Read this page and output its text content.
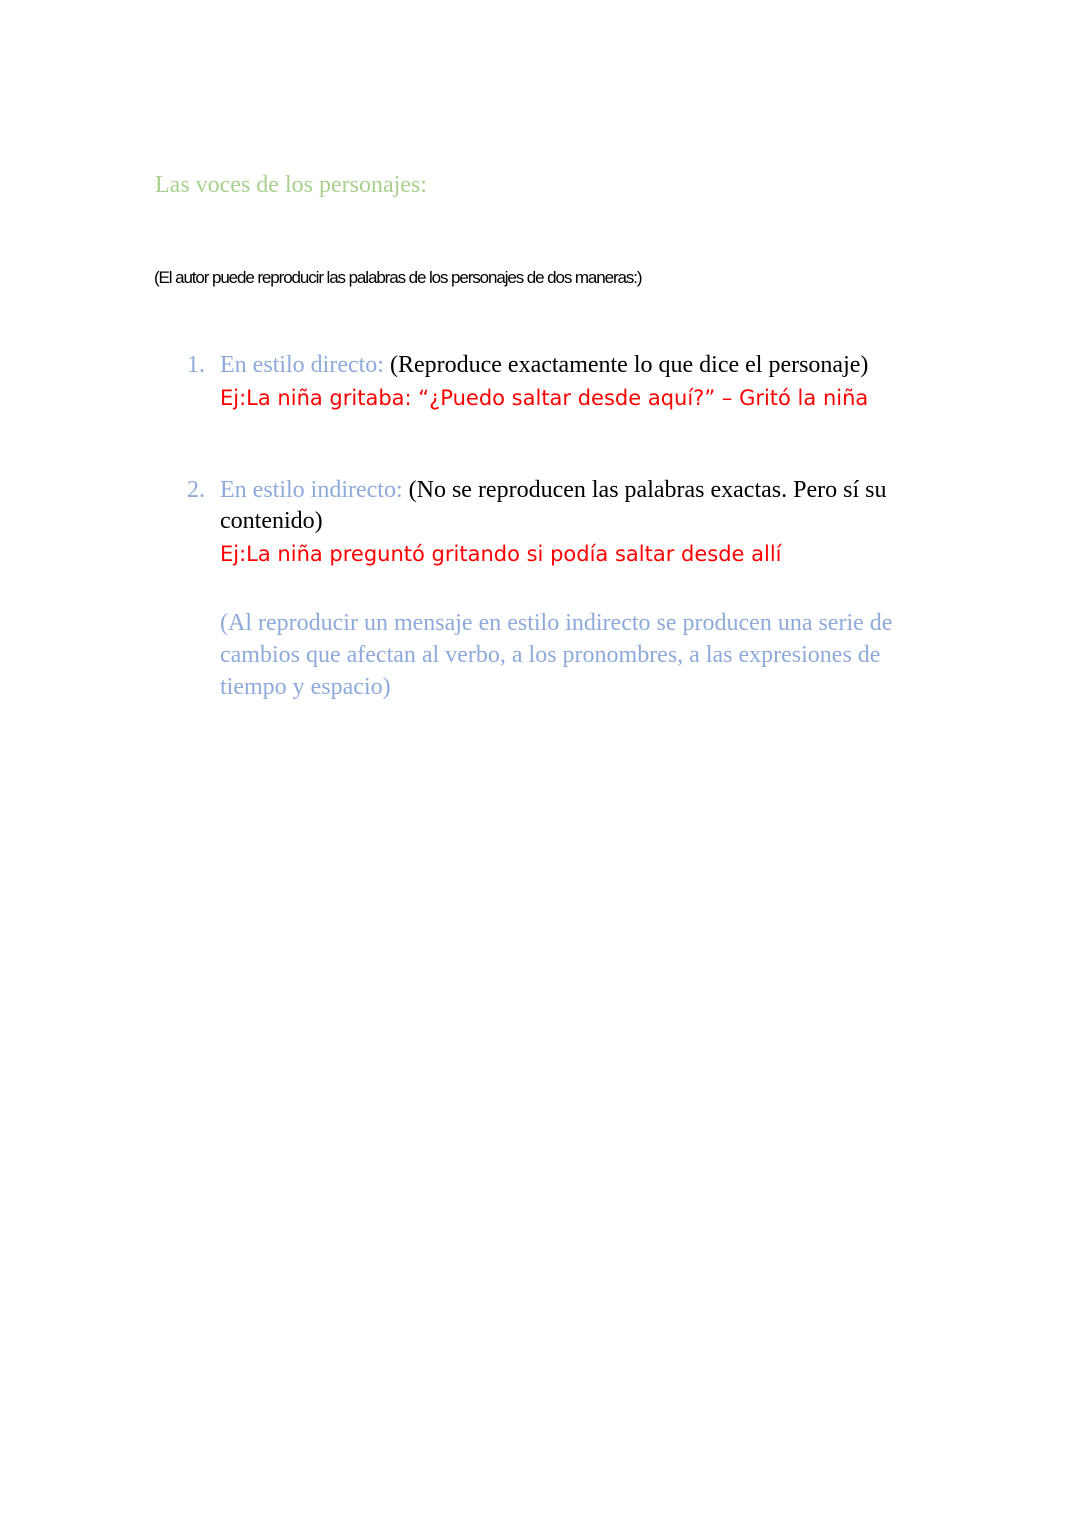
Las voces de los personajes:

(El autor puede reproducir las palabras de los personajes de dos maneras:)

1. En estilo directo: (Reproduce exactamente lo que dice el personaje)
Ej:La niña gritaba: “¿Puedo saltar desde aquí?” – Gritó la niña
2. En estilo indirecto: (No se reproducen las palabras exactas. Pero sí su contenido)
Ej:La niña preguntó gritando si podía saltar desde allí
(Al reproducir un mensaje en estilo indirecto se producen una serie de cambios que afectan al verbo, a los pronombres, a las expresiones de tiempo y espacio)
